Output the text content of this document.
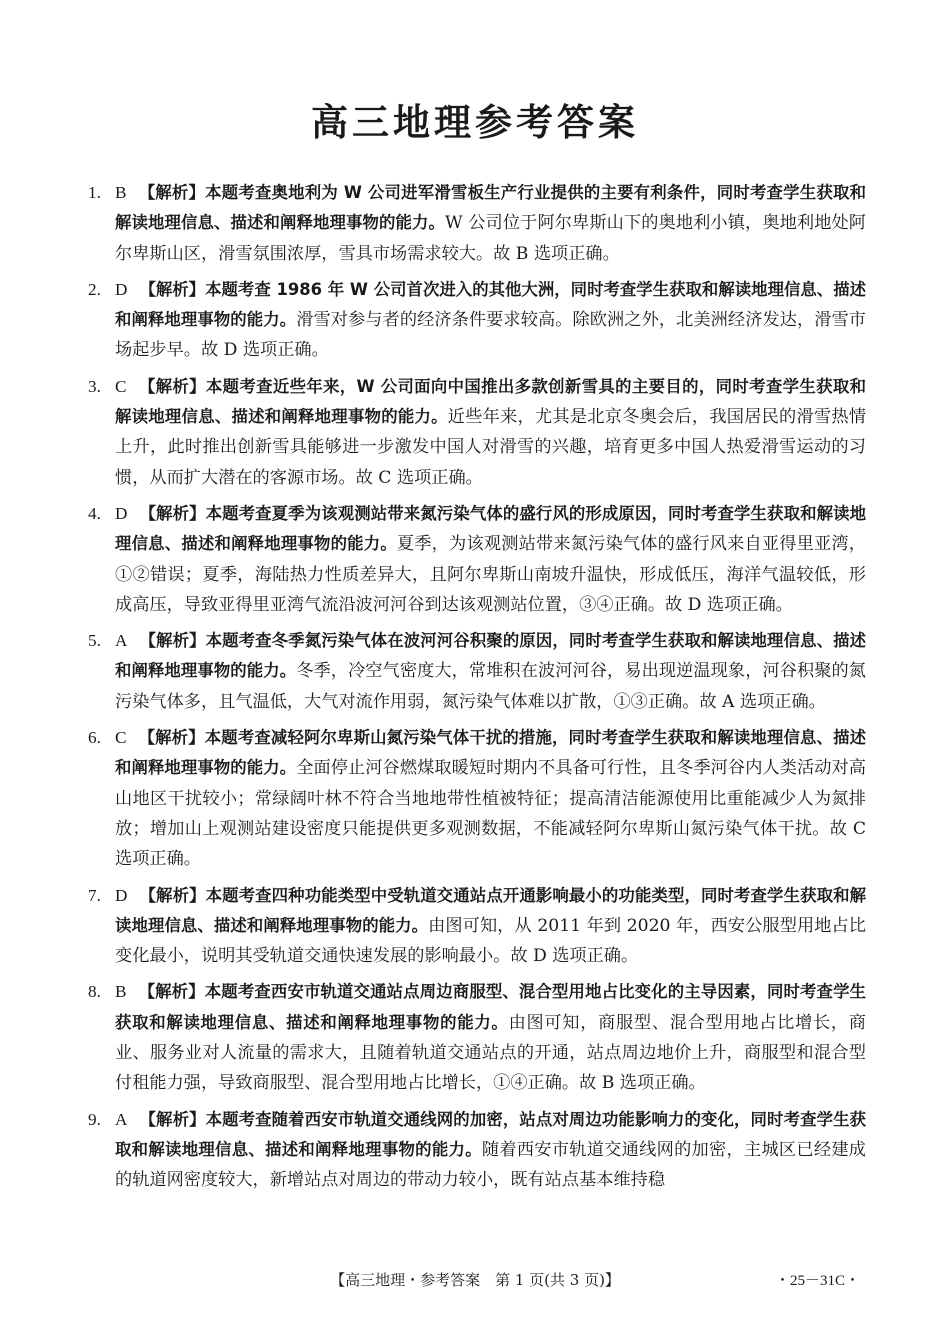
高三地理参考答案
1. B 【解析】本题考查奥地利为 W 公司进军滑雪板生产行业提供的主要有利条件，同时考查学生获取和解读地理信息、描述和阐释地理事物的能力。W 公司位于阿尔卑斯山下的奥地利小镇，奥地利地处阿尔卑斯山区，滑雪氛围浓厚，雪具市场需求较大。故 B 选项正确。
2. D 【解析】本题考查 1986 年 W 公司首次进入的其他大洲，同时考查学生获取和解读地理信息、描述和阐释地理事物的能力。滑雪对参与者的经济条件要求较高。除欧洲之外，北美洲经济发达，滑雪市场起步早。故 D 选项正确。
3. C 【解析】本题考查近些年来，W 公司面向中国推出多款创新雪具的主要目的，同时考查学生获取和解读地理信息、描述和阐释地理事物的能力。近些年来，尤其是北京冬奥会后，我国居民的滑雪热情上升，此时推出创新雪具能够进一步激发中国人对滑雪的兴趣，培育更多中国人热爱滑雪运动的习惯，从而扩大潜在的客源市场。故 C 选项正确。
4. D 【解析】本题考查夏季为该观测站带来氮污染气体的盛行风的形成原因，同时考查学生获取和解读地理信息、描述和阐释地理事物的能力。夏季，为该观测站带来氮污染气体的盛行风来自亚得里亚湾，①②错误；夏季，海陆热力性质差异大，且阿尔卑斯山南坡升温快，形成低压，海洋气温较低，形成高压，导致亚得里亚湾气流沿波河河谷到达该观测站位置，③④正确。故 D 选项正确。
5. A 【解析】本题考查冬季氮污染气体在波河河谷积聚的原因，同时考查学生获取和解读地理信息、描述和阐释地理事物的能力。冬季，冷空气密度大，常堆积在波河河谷，易出现逆温现象，河谷积聚的氮污染气体多，且气温低，大气对流作用弱，氮污染气体难以扩散，①③正确。故 A 选项正确。
6. C 【解析】本题考查减轻阿尔卑斯山氮污染气体干扰的措施，同时考查学生获取和解读地理信息、描述和阐释地理事物的能力。全面停止河谷燃煤取暖短时期内不具备可行性，且冬季河谷内人类活动对高山地区干扰较小；常绿阔叶林不符合当地地带性植被特征；提高清洁能源使用比重能减少人为氮排放；增加山上观测站建设密度只能提供更多观测数据，不能减轻阿尔卑斯山氮污染气体干扰。故 C 选项正确。
7. D 【解析】本题考查四种功能类型中受轨道交通站点开通影响最小的功能类型，同时考查学生获取和解读地理信息、描述和阐释地理事物的能力。由图可知，从 2011 年到 2020 年，西安公服型用地占比变化最小，说明其受轨道交通快速发展的影响最小。故 D 选项正确。
8. B 【解析】本题考查西安市轨道交通站点周边商服型、混合型用地占比变化的主导因素，同时考查学生获取和解读地理信息、描述和阐释地理事物的能力。由图可知，商服型、混合型用地占比增长，商业、服务业对人流量的需求大，且随着轨道交通站点的开通，站点周边地价上升，商服型和混合型付租能力强，导致商服型、混合型用地占比增长，①④正确。故 B 选项正确。
9. A 【解析】本题考查随着西安市轨道交通线网的加密，站点对周边功能影响力的变化，同时考查学生获取和解读地理信息、描述和阐释地理事物的能力。随着西安市轨道交通线网的加密，主城区已经建成的轨道网密度较大，新增站点对周边的带动力较小，既有站点基本维持稳
【高三地理・参考答案　第 1 页(共 3 页)】	・25－31C・
